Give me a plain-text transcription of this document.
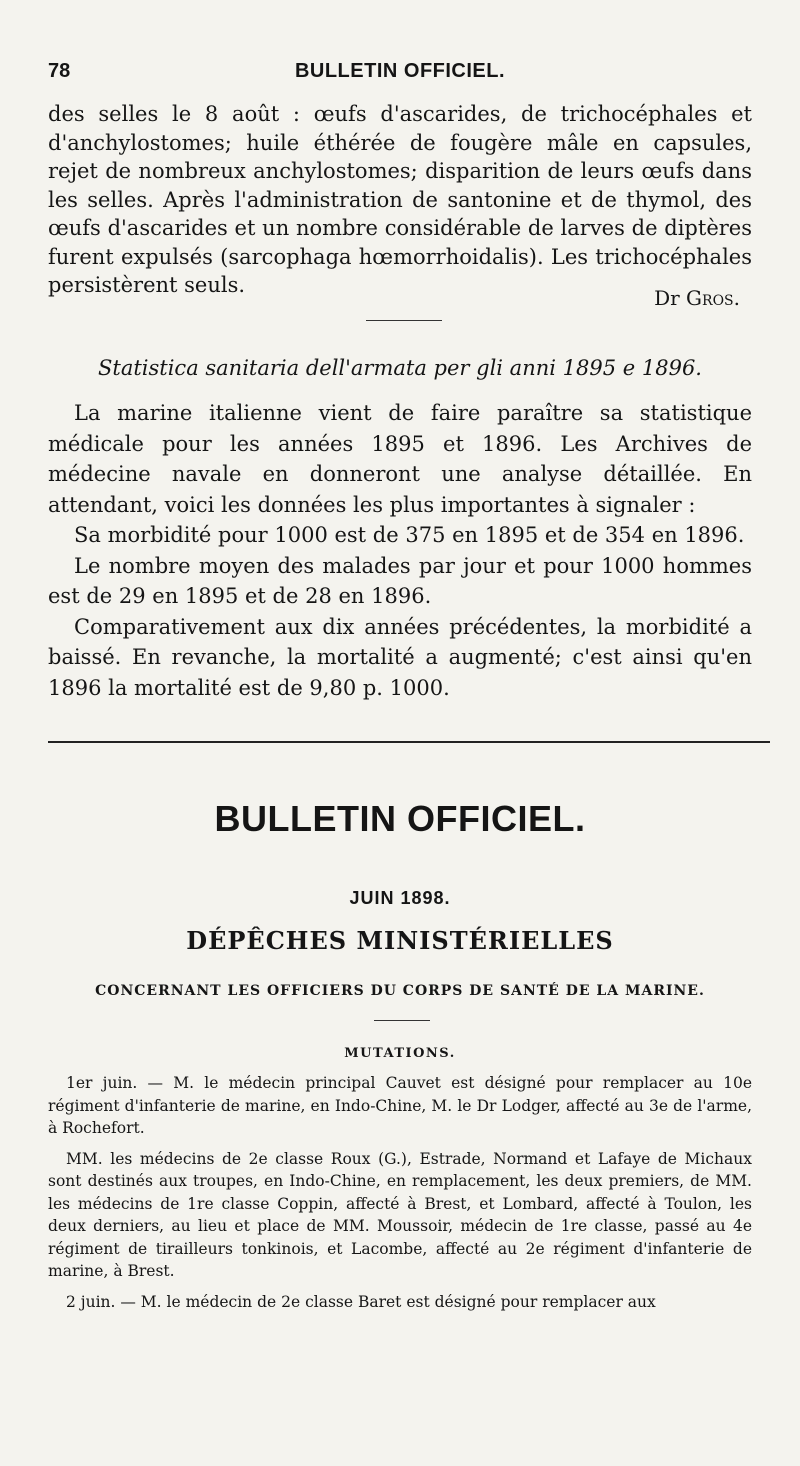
78	BULLETIN OFFICIEL.
des selles le 8 août : œufs d'ascarides, de trichocéphales et d'anchylostomes; huile éthérée de fougère mâle en capsules, rejet de nombreux anchylostomes; disparition de leurs œufs dans les selles. Après l'administration de santonine et de thymol, des œufs d'ascarides et un nombre considérable de larves de diptères furent expulsés (sarcophaga hœmorrhoidalis). Les trichocéphales persistèrent seuls.
Dr Gros.
Statistica sanitaria dell'armata per gli anni 1895 e 1896.

La marine italienne vient de faire paraître sa statistique médicale pour les années 1895 et 1896. Les Archives de médecine navale en donneront une analyse détaillée. En attendant, voici les données les plus importantes à signaler :

Sa morbidité pour 1000 est de 375 en 1895 et de 354 en 1896.

Le nombre moyen des malades par jour et pour 1000 hommes est de 29 en 1895 et de 28 en 1896.

Comparativement aux dix années précédentes, la morbidité a baissé. En revanche, la mortalité a augmenté; c'est ainsi qu'en 1896 la mortalité est de 9,80 p. 1000.

BULLETIN OFFICIEL.
JUIN 1898.
DÉPÊCHES MINISTÉRIELLES
CONCERNANT LES OFFICIERS DU CORPS DE SANTÉ DE LA MARINE.
MUTATIONS.

1er juin. — M. le médecin principal Cauvet est désigné pour remplacer au 10e régiment d'infanterie de marine, en Indo-Chine, M. le Dr Lodger, affecté au 3e de l'arme, à Rochefort.

MM. les médecins de 2e classe Roux (G.), Estrade, Normand et Lafaye de Michaux sont destinés aux troupes, en Indo-Chine, en remplacement, les deux premiers, de MM. les médecins de 1re classe Coppin, affecté à Brest, et Lombard, affecté à Toulon, les deux derniers, au lieu et place de MM. Moussoir, médecin de 1re classe, passé au 4e régiment de tirailleurs tonkinois, et Lacombe, affecté au 2e régiment d'infanterie de marine, à Brest.

2 juin. — M. le médecin de 2e classe Baret est désigné pour remplacer aux
